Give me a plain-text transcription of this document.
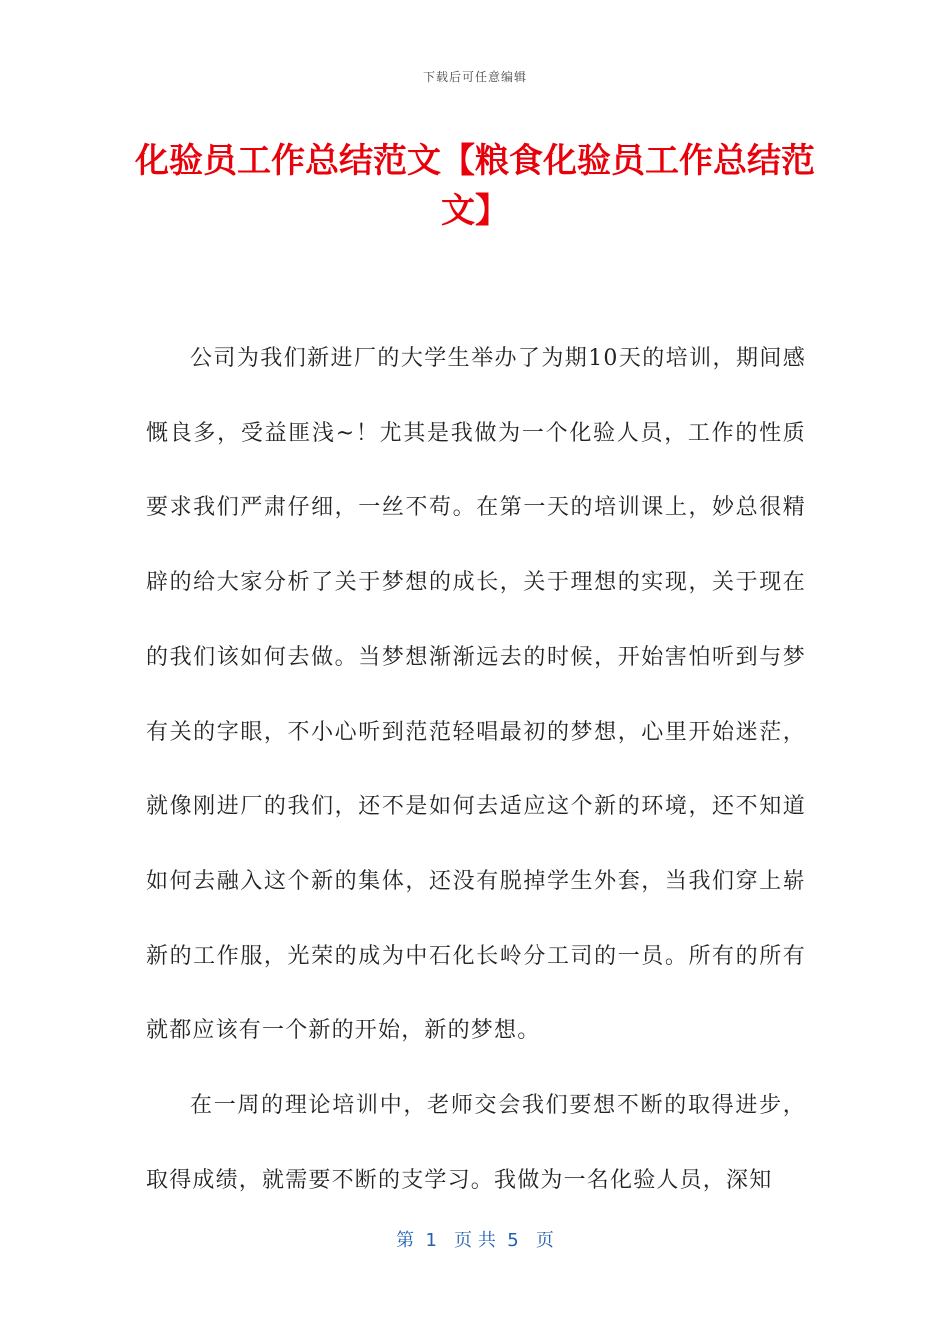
下载后可任意编辑
化验员工作总结范文【粮食化验员工作总结范文】

公司为我们新进厂的大学生举办了为期10天的培训，期间感慨良多，受益匪浅~！尤其是我做为一个化验人员，工作的性质要求我们严肃仔细，一丝不苟。在第一天的培训课上，妙总很精辟的给大家分析了关于梦想的成长，关于理想的实现，关于现在的我们该如何去做。当梦想渐渐远去的时候，开始害怕听到与梦有关的字眼，不小心听到范范轻唱最初的梦想，心里开始迷茫，就像刚进厂的我们，还不是如何去适应这个新的环境，还不知道如何去融入这个新的集体，还没有脱掉学生外套，当我们穿上崭新的工作服，光荣的成为中石化长岭分工司的一员。所有的所有就都应该有一个新的开始，新的梦想。

在一周的理论培训中，老师交会我们要想不断的取得进步，取得成绩，就需要不断的支学习。我做为一名化验人员，深知

第  1   页 共  5   页
